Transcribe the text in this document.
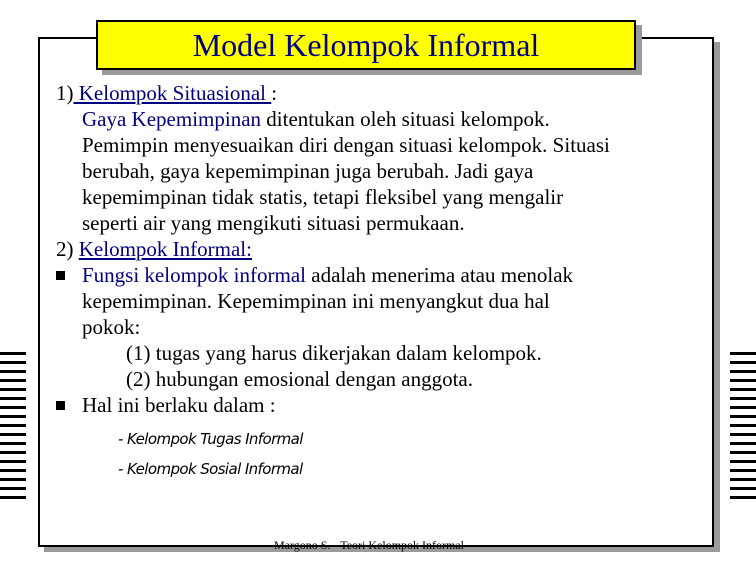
Model Kelompok Informal
1) Kelompok Situasional :
Gaya Kepemimpinan ditentukan oleh situasi kelompok.
Pemimpin menyesuaikan diri dengan situasi kelompok. Situasi
berubah, gaya kepemimpinan juga berubah. Jadi gaya
kepemimpinan tidak statis, tetapi fleksibel yang mengalir
seperti air yang mengikuti situasi permukaan.
2) Kelompok Informal:
Fungsi kelompok informal adalah menerima atau menolak
kepemimpinan. Kepemimpinan ini menyangkut dua hal
pokok:
(1) tugas yang harus dikerjakan dalam kelompok.
(2) hubungan emosional dengan anggota.
Hal ini berlaku dalam :
- Kelompok Tugas Informal
- Kelompok Sosial Informal
Margono S. - Teori Kelompok Informal
